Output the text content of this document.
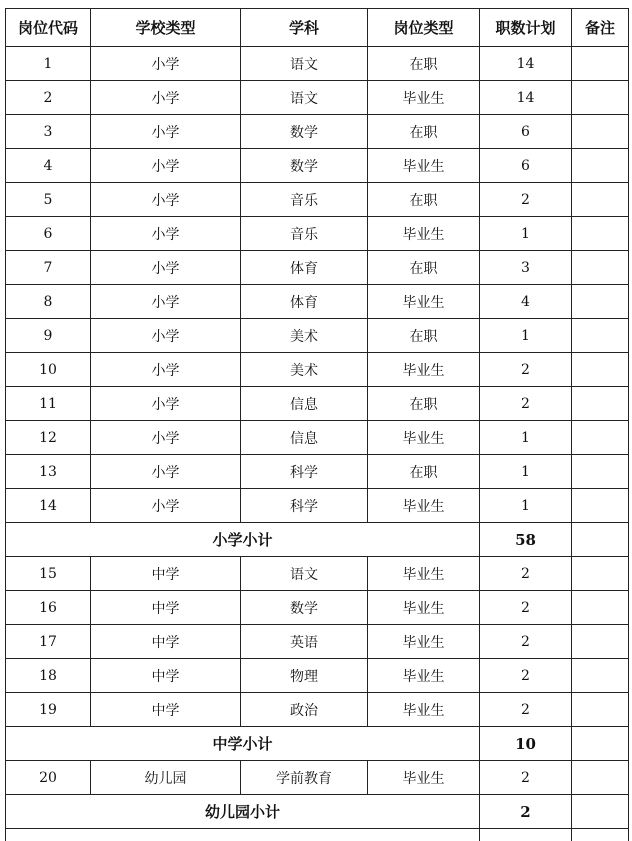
岗位代码	学校类型	学科	岗位类型	职数计划	备注
1	小学	语文	在职	14	
2	小学	语文	毕业生	14	
3	小学	数学	在职	6	
4	小学	数学	毕业生	6	
5	小学	音乐	在职	2	
6	小学	音乐	毕业生	1	
7	小学	体育	在职	3	
8	小学	体育	毕业生	4	
9	小学	美术	在职	1	
10	小学	美术	毕业生	2	
11	小学	信息	在职	2	
12	小学	信息	毕业生	1	
13	小学	科学	在职	1	
14	小学	科学	毕业生	1	
小学小计				58	
15	中学	语文	毕业生	2	
16	中学	数学	毕业生	2	
17	中学	英语	毕业生	2	
18	中学	物理	毕业生	2	
19	中学	政治	毕业生	2	
中学小计				10	
20	幼儿园	学前教育	毕业生	2	
幼儿园小计				2	
